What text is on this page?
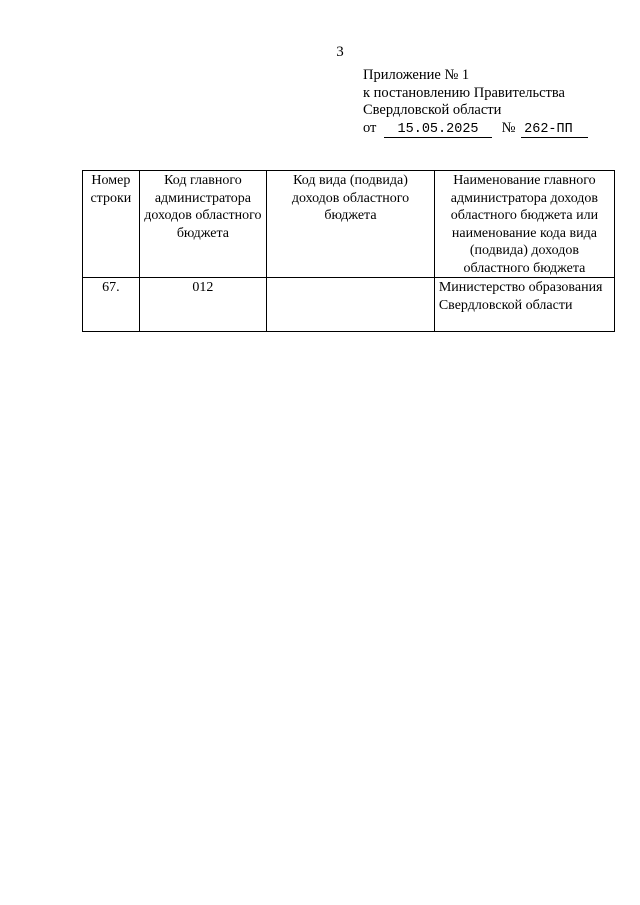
3
Приложение № 1
к постановлению Правительства
Свердловской области
от 15.05.2025 № 262-ПП
Номер строки	Код главного администратора доходов областного бюджета	Код вида (подвида) доходов областного бюджета	Наименование главного администратора доходов областного бюджета или наименование кода вида (подвида) доходов областного бюджета
67.	012		Министерство образования Свердловской области
